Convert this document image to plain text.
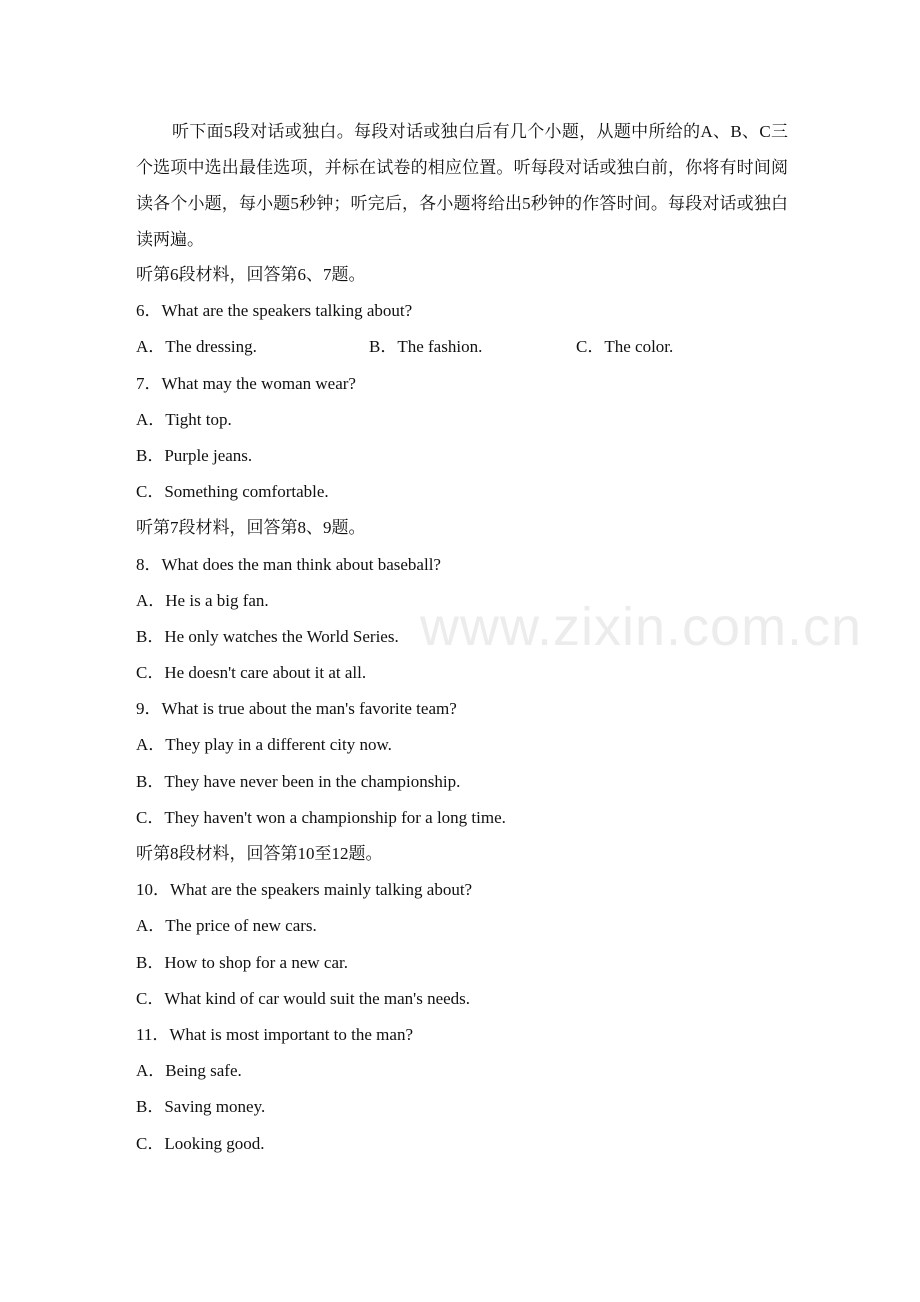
听下面5段对话或独白。每段对话或独白后有几个小题，从题中所给的A、B、C三个选项中选出最佳选项，并标在试卷的相应位置。听每段对话或独白前，你将有时间阅读各个小题，每小题5秒钟；听完后，各小题将给出5秒钟的作答时间。每段对话或独白读两遍。

听第6段材料，回答第6、7题。
6．What are the speakers talking about?
A．The dressing.	B．The fashion.	C．The color.
7．What may the woman wear?
A．Tight top.
B．Purple jeans.
C．Something comfortable.
听第7段材料，回答第8、9题。
8．What does the man think about baseball?
A．He is a big fan.
B．He only watches the World Series.
C．He doesn't care about it at all.
9．What is true about the man's favorite team?
A．They play in a different city now.
B．They have never been in the championship.
C．They haven't won a championship for a long time.
听第8段材料，回答第10至12题。
10．What are the speakers mainly talking about?
A．The price of new cars.
B．How to shop for a new car.
C．What kind of car would suit the man's needs.
11．What is most important to the man?
A．Being safe.
B．Saving money.
C．Looking good.
www.zixin.com.cn
